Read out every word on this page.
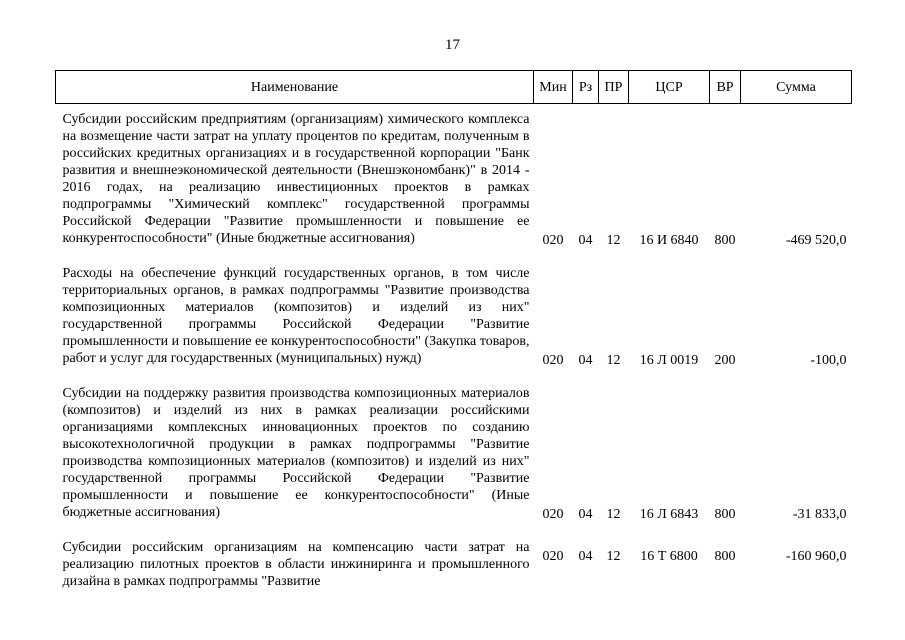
17
Наименование	Мин	Рз	ПР	ЦСР	ВР	Сумма
Субсидии российским предприятиям (организациям) химического комплекса на возмещение части затрат на уплату процентов по кредитам, полученным в российских кредитных организациях и в государственной корпорации "Банк развития и внешнеэкономической деятельности (Внешэкономбанк)" в 2014 - 2016 годах, на реализацию инвестиционных проектов в рамках подпрограммы "Химический комплекс" государственной программы Российской Федерации "Развитие промышленности и повышение ее конкурентоспособности" (Иные бюджетные ассигнования)	020	04	12	16 И 6840	800	-469 520,0
Расходы на обеспечение функций государственных органов, в том числе территориальных органов, в рамках подпрограммы "Развитие производства композиционных материалов (композитов) и изделий из них" государственной программы Российской Федерации "Развитие промышленности и повышение ее конкурентоспособности" (Закупка товаров, работ и услуг для государственных (муниципальных) нужд)	020	04	12	16 Л 0019	200	-100,0
Субсидии на поддержку развития производства композиционных материалов (композитов) и изделий из них в рамках реализации российскими организациями комплексных инновационных проектов по созданию высокотехнологичной продукции в рамках подпрограммы "Развитие производства композиционных материалов (композитов) и изделий из них" государственной программы Российской Федерации "Развитие промышленности и повышение ее конкурентоспособности" (Иные бюджетные ассигнования)	020	04	12	16 Л 6843	800	-31 833,0
Субсидии российским организациям на компенсацию части затрат на реализацию пилотных проектов в области инжиниринга и промышленного дизайна в рамках подпрограммы "Развитие	020	04	12	16 Т 6800	800	-160 960,0
